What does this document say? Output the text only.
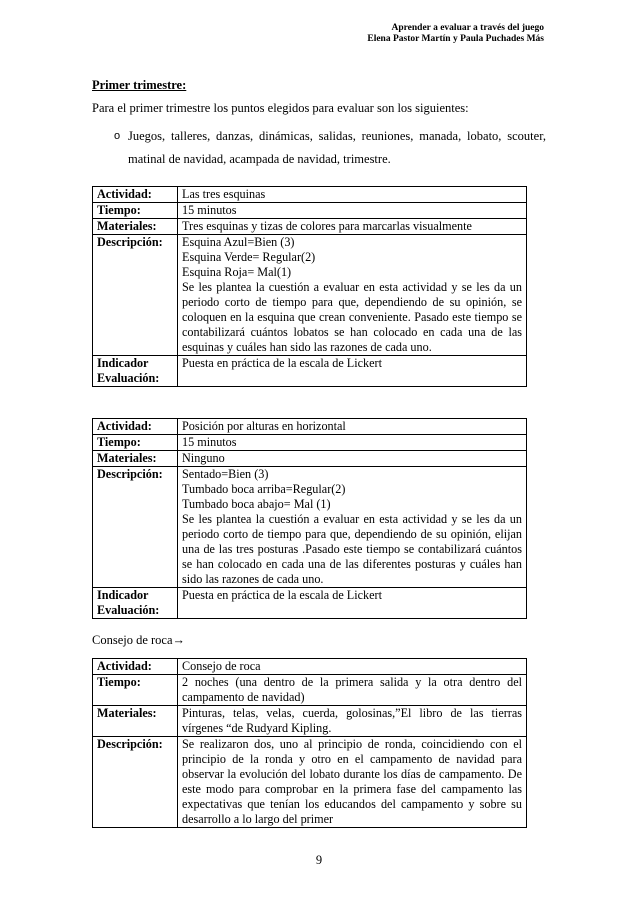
Aprender a evaluar a través del juego
Elena Pastor Martín y Paula Puchades Más
Primer trimestre:
Para el primer trimestre los puntos elegidos para evaluar son los siguientes:
o Juegos, talleres, danzas, dinámicas, salidas, reuniones, manada, lobato, scouter, matinal de navidad, acampada de navidad, trimestre.
Actividad:	Las tres esquinas
Tiempo:	15 minutos
Materiales:	Tres esquinas y tizas de colores para marcarlas visualmente
Descripción:	Esquina Azul=Bien (3)
Esquina Verde= Regular(2)
Esquina Roja= Mal(1)
Se les plantea la cuestión a evaluar en esta actividad y se les da un periodo corto de tiempo para que, dependiendo de su opinión, se coloquen en la esquina que crean conveniente. Pasado este tiempo se contabilizará cuántos lobatos se han colocado en cada una de las esquinas y cuáles han sido las razones de cada uno.

Indicador Evaluación:	Puesta en práctica de la escala de Lickert
Actividad:	Posición por alturas en horizontal
Tiempo:	15 minutos
Materiales:	Ninguno
Descripción:	Sentado=Bien (3)
Tumbado boca arriba=Regular(2)
Tumbado boca abajo= Mal (1)
Se les plantea la cuestión a evaluar en esta actividad y se les da un periodo corto de tiempo para que, dependiendo de su opinión, elijan una de las tres posturas .Pasado este tiempo se contabilizará cuántos se han colocado en cada una de las diferentes posturas y cuáles han sido las razones de cada uno.

Indicador Evaluación:	Puesta en práctica de la escala de Lickert
Consejo de roca→
Actividad:	Consejo de roca
Tiempo:	2 noches (una dentro de la primera salida y la otra dentro del campamento de navidad)
Materiales:	Pinturas, telas, velas, cuerda, golosinas,”El libro de las tierras vírgenes “de Rudyard Kipling.
Descripción:	Se realizaron dos, uno al principio de ronda, coincidiendo con el principio de la ronda y otro en el campamento de navidad para observar la evolución del lobato durante los días de campamento. De este modo para comprobar en la primera fase del campamento las expectativas que tenían los educandos del campamento y sobre su desarrollo a lo largo del primer
9
